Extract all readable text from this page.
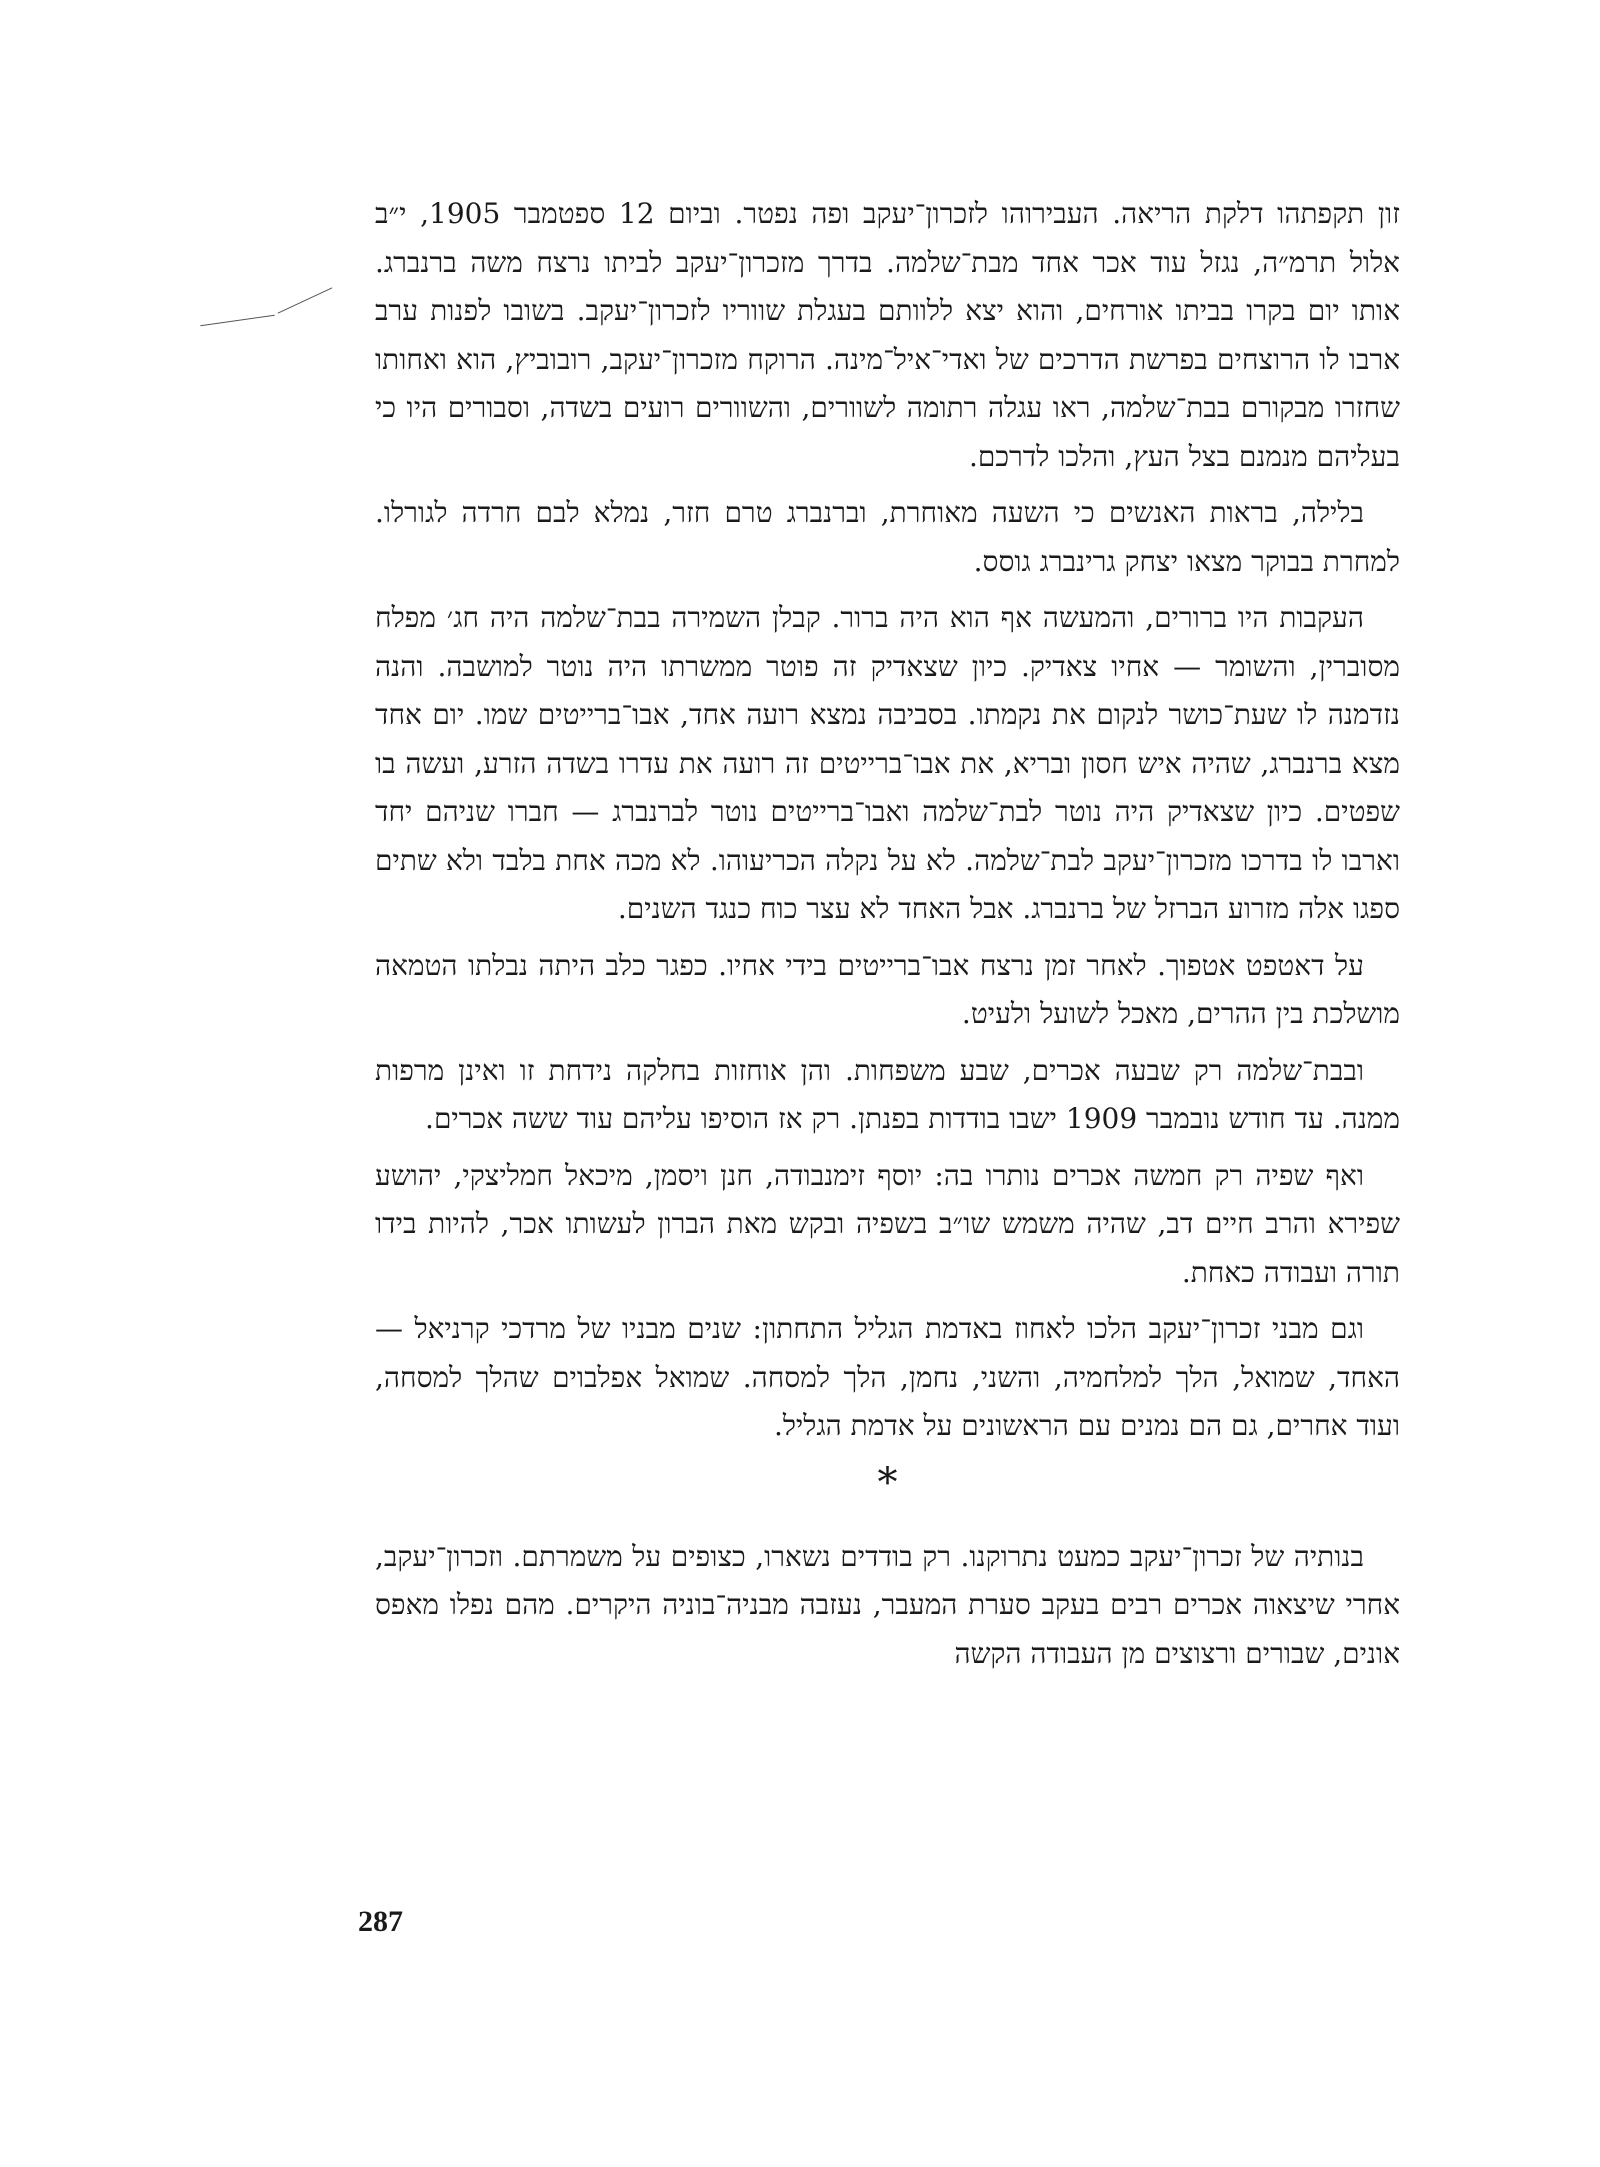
זון תקפתהו דלקת הריאה. העבירוהו לזכרון־יעקב ופה נפטר. וביום 12 ספטמבר 1905, י״ב אלול תרמ״ה, נגזל עוד אכר אחד מבת־שלמה. בדרך מזכרון־יעקב לביתו נרצח משה ברנברג. אותו יום בקרו בביתו אורחים, והוא יצא ללוותם בעגלת שווריו לזכרון־יעקב. בשובו לפנות ערב ארבו לו הרוצחים בפרשת הדרכים של ואדי־איל־מינה. הרוקח מזכרון־יעקב, רובוביץ, הוא ואחותו שחזרו מבקורם בבת־שלמה, ראו עגלה רתומה לשוורים, והשוורים רועים בשדה, וסבורים היו כי בעליהם מנמנם בצל העץ, והלכו לדרכם.

בלילה, בראות האנשים כי השעה מאוחרת, וברנברג טרם חזר, נמלא לבם חרדה לגורלו. למחרת בבוקר מצאו יצחק גרינברג גוסס.

העקבות היו ברורים, והמעשה אף הוא היה ברור. קבלן השמירה בבת־שלמה היה חג׳ מפלח מסוברין, והשומר — אחיו צאדיק. כיון שצאדיק זה פוטר ממשרתו היה נוטר למושבה. והנה נזדמנה לו שעת־כושר לנקום את נקמתו. בסביבה נמצא רועה אחד, אבו־ברייטים שמו. יום אחד מצא ברנברג, שהיה איש חסון ובריא, את אבו־ברייטים זה רועה את עדרו בשדה הזרע, ועשה בו שפטים. כיון שצאדיק היה נוטר לבת־שלמה ואבו־ברייטים נוטר לברנברג — חברו שניהם יחד וארבו לו בדרכו מזכרון־יעקב לבת־שלמה. לא על נקלה הכריעוהו. לא מכה אחת בלבד ולא שתים ספגו אלה מזרוע הברזל של ברנברג. אבל האחד לא עצר כוח כנגד השנים.

על דאטפט אטפוך. לאחר זמן נרצח אבו־ברייטים בידי אחיו. כפגר כלב היתה נבלתו הטמאה מושלכת בין ההרים, מאכל לשועל ולעיט.

ובבת־שלמה רק שבעה אכרים, שבע משפחות. והן אוחזות בחלקה נידחת זו ואינן מרפות ממנה. עד חודש נובמבר 1909 ישבו בודדות בפנתן. רק אז הוסיפו עליהם עוד ששה אכרים.

ואף שפיה רק חמשה אכרים נותרו בה: יוסף זימנבודה, חנן ויסמן, מיכאל חמליצקי, יהושע שפירא והרב חיים דב, שהיה משמש שו״ב בשפיה ובקש מאת הברון לעשותו אכר, להיות בידו תורה ועבודה כאחת.

וגם מבני זכרון־יעקב הלכו לאחוז באדמת הגליל התחתון: שנים מבניו של מרדכי קרניאל — האחד, שמואל, הלך למלחמיה, והשני, נחמן, הלך למסחה. שמואל אפלבוים שהלך למסחה, ועוד אחרים, גם הם נמנים עם הראשונים על אדמת הגליל.

*

בנותיה של זכרון־יעקב כמעט נתרוקנו. רק בודדים נשארו, כצופים על משמרתם. וזכרון־יעקב, אחרי שיצאוה אכרים רבים בעקב סערת המעבר, נעזבה מבניה־בוניה היקרים. מהם נפלו מאפס אונים, שבורים ורצוצים מן העבודה הקשה

287
